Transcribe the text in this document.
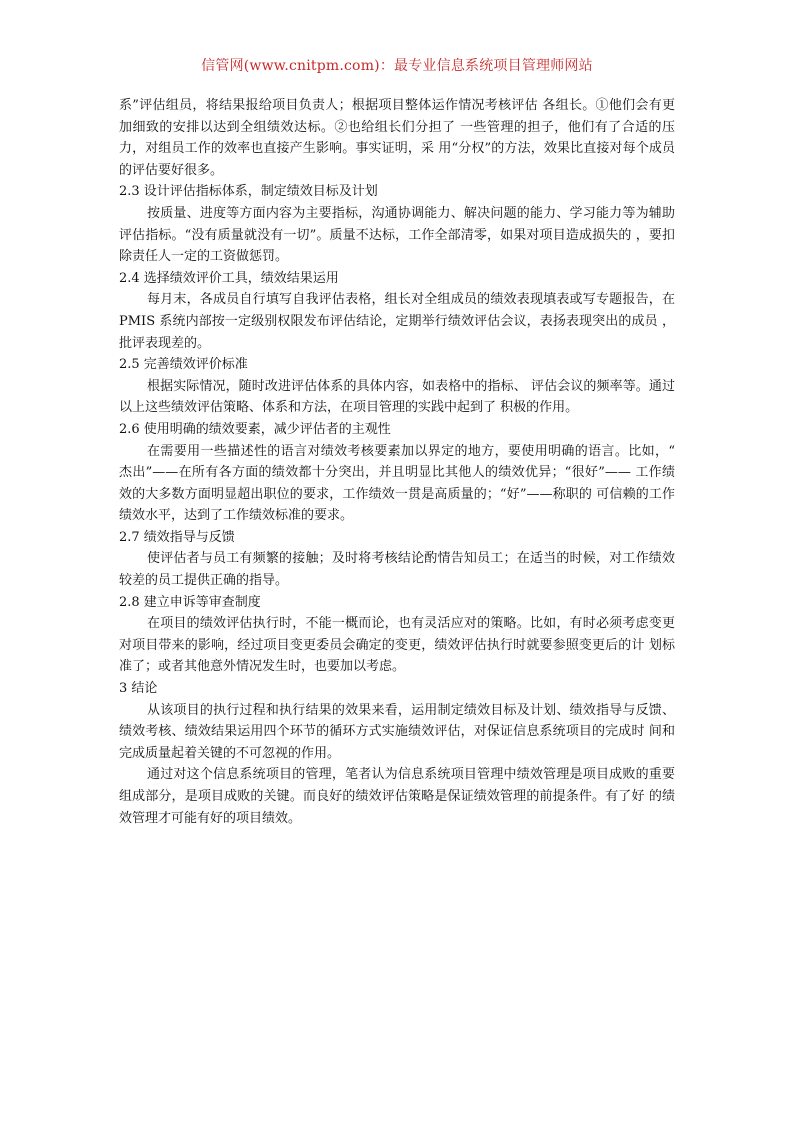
信管网(www.cnitpm.com)：最专业信息系统项目管理师网站

系”评估组员，将结果报给项目负责人；根据项目整体运作情况考核评估 各组长。①他们会有更加细致的安排以达到全组绩效达标。②也给组长们分担了 一些管理的担子，他们有了合适的压力，对组员工作的效率也直接产生影响。事实证明，采 用“分权”的方法，效果比直接对每个成员的评估要好很多。

2.3 设计评估指标体系，制定绩效目标及计划

按质量、进度等方面内容为主要指标，沟通协调能力、解决问题的能力、学习能力等为辅助 评估指标。“没有质量就没有一切”。质量不达标，工作全部清零，如果对项目造成损失的 ，要扣除责任人一定的工资做惩罚。

2.4 选择绩效评价工具，绩效结果运用

每月末，各成员自行填写自我评估表格，组长对全组成员的绩效表现填表或写专题报告，在 PMIS 系统内部按一定级别权限发布评估结论，定期举行绩效评估会议，表扬表现突出的成员 ，批评表现差的。

2.5 完善绩效评价标准

根据实际情况，随时改进评估体系的具体内容，如表格中的指标、 评估会议的频率等。通过以上这些绩效评估策略、体系和方法，在项目管理的实践中起到了 积极的作用。

2.6 使用明确的绩效要素，减少评估者的主观性

在需要用一些描述性的语言对绩效考核要素加以界定的地方，要使用明确的语言。比如，“ 杰出”——在所有各方面的绩效都十分突出，并且明显比其他人的绩效优异；“很好”—— 工作绩效的大多数方面明显超出职位的要求，工作绩效一贯是高质量的；“好”——称职的 可信赖的工作绩效水平，达到了工作绩效标准的要求。

2.7 绩效指导与反馈

使评估者与员工有频繁的接触；及时将考核结论酌情告知员工；在适当的时候，对工作绩效 较差的员工提供正确的指导。

2.8 建立申诉等审查制度

在项目的绩效评估执行时，不能一概而论，也有灵活应对的策略。比如，有时必须考虑变更 对项目带来的影响，经过项目变更委员会确定的变更，绩效评估执行时就要参照变更后的计 划标准了；或者其他意外情况发生时，也要加以考虑。

3 结论

从该项目的执行过程和执行结果的效果来看，运用制定绩效目标及计划、绩效指导与反馈、 绩效考核、绩效结果运用四个环节的循环方式实施绩效评估，对保证信息系统项目的完成时 间和完成质量起着关键的不可忽视的作用。

通过对这个信息系统项目的管理，笔者认为信息系统项目管理中绩效管理是项目成败的重要 组成部分，是项目成败的关键。而良好的绩效评估策略是保证绩效管理的前提条件。有了好 的绩效管理才可能有好的项目绩效。
